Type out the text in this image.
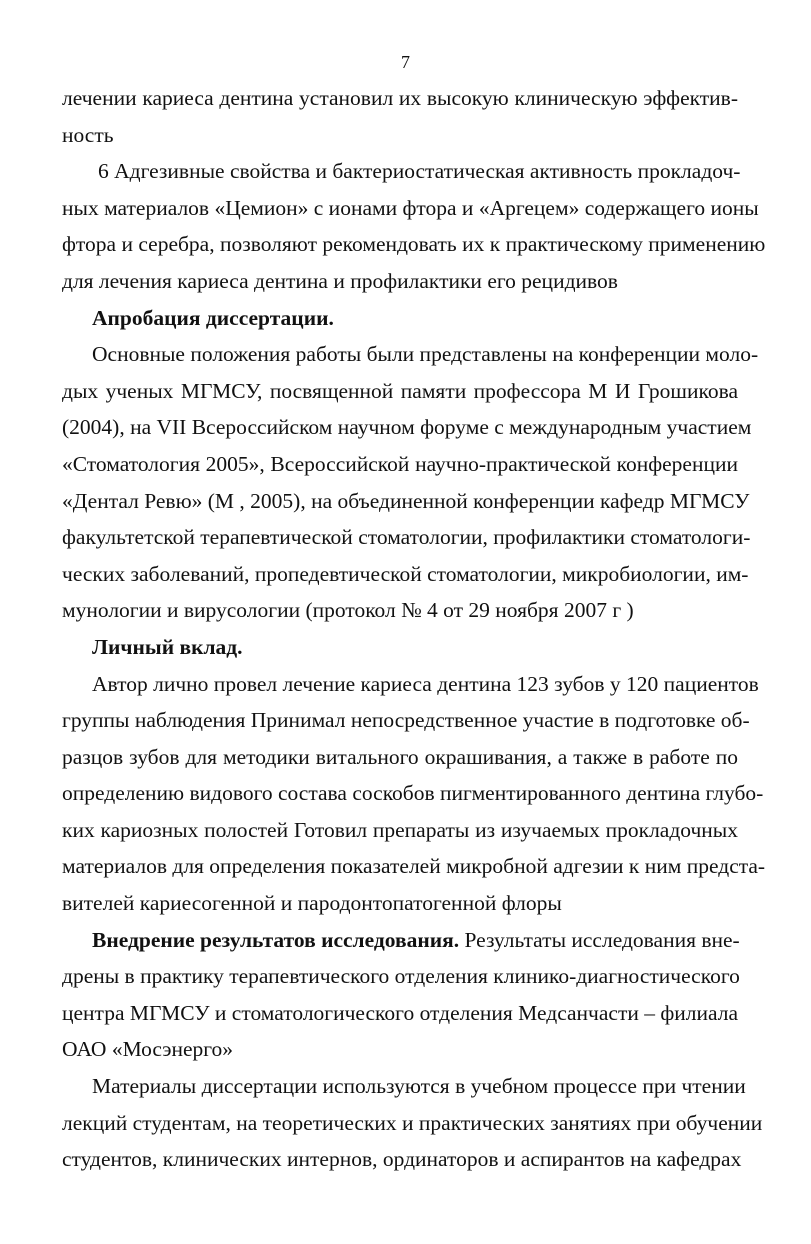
7
лечении кариеса дентина установил их высокую клиническую эффектив-
ность
6 Адгезивные свойства и бактериостатическая активность прокладоч-
ных материалов «Цемион» с ионами фтора и «Аргецем» содержащего ионы
фтора и серебра, позволяют рекомендовать их к практическому применению
для лечения кариеса дентина и профилактики его рецидивов
Апробация диссертации.
Основные положения работы были представлены на конференции моло-
дых ученых МГМСУ, посвященной памяти профессора М И Грошикова
(2004), на VII Всероссийском научном форуме с международным участием
«Стоматология 2005», Всероссийской научно-практической конференции
«Дентал Ревю» (М , 2005), на объединенной конференции кафедр МГМСУ
факультетской терапевтической стоматологии, профилактики стоматологи-
ческих заболеваний, пропедевтической стоматологии, микробиологии, им-
мунологии и вирусологии (протокол № 4 от 29 ноября 2007 г )
Личный вклад.
Автор лично провел лечение кариеса дентина 123 зубов у 120 пациентов
группы наблюдения Принимал непосредственное участие в подготовке об-
разцов зубов для методики витального окрашивания, а также в работе по
определению видового состава соскобов пигментированного дентина глубо-
ких кариозных полостей Готовил препараты из изучаемых прокладочных
материалов для определения показателей микробной адгезии к ним предста-
вителей кариесогенной и пародонтопатогенной флоры
Внедрение результатов исследования. Результаты исследования вне-
дрены в практику терапевтического отделения клинико-диагностического
центра МГМСУ и стоматологического отделения Медсанчасти – филиала
ОАО «Мосэнерго»
Материалы диссертации используются в учебном процессе при чтении
лекций студентам, на теоретических и практических занятиях при обучении
студентов, клинических интернов, ординаторов и аспирантов на кафедрах
